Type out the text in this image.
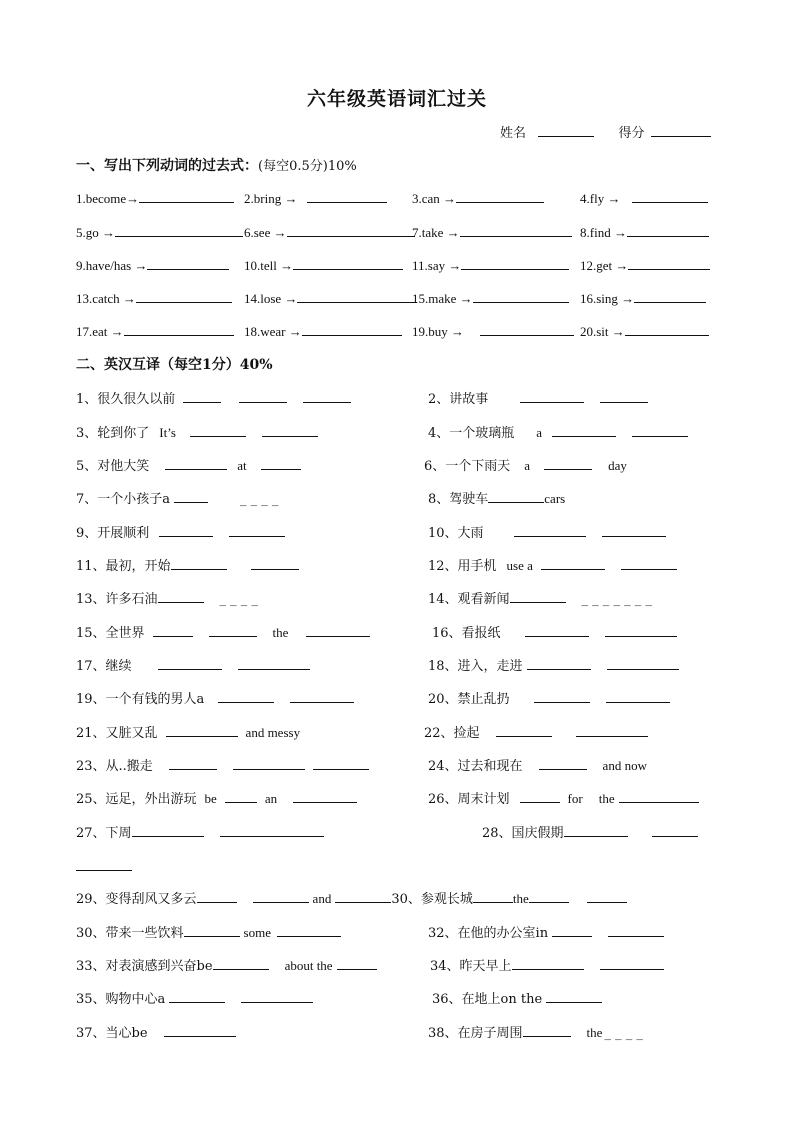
六年级英语词汇过关
姓名	得分
一、写出下列动词的过去式：(每空0.5分)10%
1.become→	2.bring →	3.can →	4.fly →
5.go →	6.see →	7.take →	8.find →
9.have/has →	10.tell →	11.say →	12.get →
13.catch →	14.lose →	15.make →	16.sing →
17.eat →	18.wear →	19.buy →	20.sit →
二、英汉互译（每空1分）40%
1、很久很久以前	2、讲故事
3、轮到你了 It’s	4、一个玻璃瓶 a
5、对他大笑	at	6、一个下雨天 a	day
7、一个小孩子a	_ _ _ _	8、驾驶车	cars
9、开展顺利	10、大雨
11、最初，开始	12、用手机 use a
13、许多石油	_ _ _ _	14、观看新闻	_ _ _ _ _ _ _
15、全世界	the	16、看报纸
17、继续	18、进入，走进
19、一个有钱的男人a	20、禁止乱扔
21、又脏又乱	and messy	22、捡起
23、从..搬走	24、过去和现在	and now
25、远足，外出游玩 be	an	26、周末计划	for the
27、下周	28、国庆假期
29、变得刮风又多云	and	30、参观长城	the
30、带来一些饮料	some	32、在他的办公室in
33、对表演感到兴奋be	about the	34、昨天早上
35、购物中心a	36、在地上on the
37、当心be	38、在房子周围	the _ _ _ _
